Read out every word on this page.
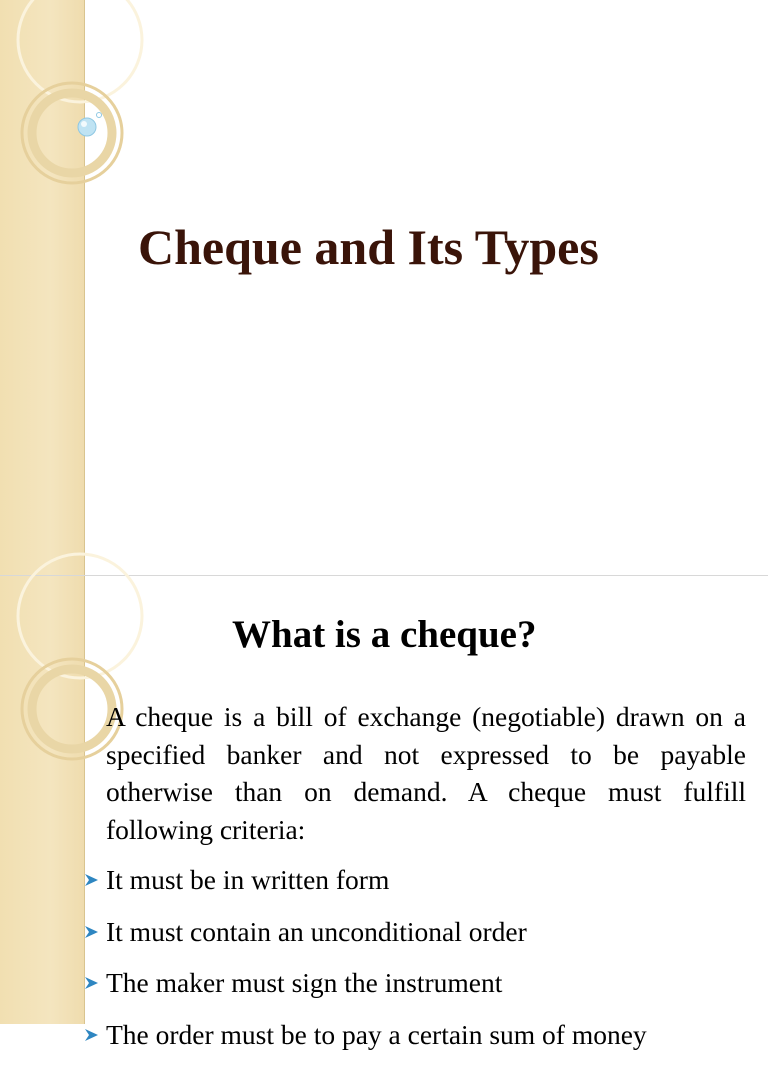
Cheque and Its Types
What is a cheque?

A cheque is a bill of exchange (negotiable) drawn on a specified banker and not expressed to be payable otherwise than on demand. A cheque must fulfill following criteria:

It must be in written form
It must contain an unconditional order
The maker must sign the instrument
The order must be to pay a certain sum of money
